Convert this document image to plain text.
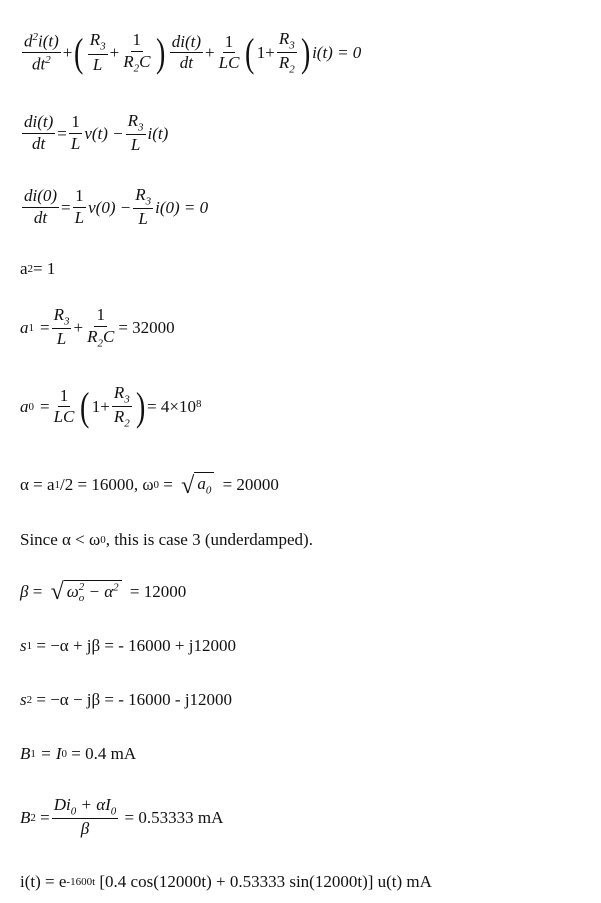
$\frac{d^2i(t)}{dt^2}$ + ( $\frac{R_3}{L} + \frac{1}{R_2C}$ ) $\frac{di(t)}{dt} + \frac{1}{LC}$ ( $1+ \frac{R_3}{R_2}$ ) i(t) = 0
$\frac{di(t)}{dt} = \frac{1}{L} v(t) - \frac{R_3}{L} i(t)$
$\frac{di(0)}{dt} = \frac{1}{L} v(0) - \frac{R_3}{L} i(0) = 0$
a 2 = 1
a $1 = \frac{R_3}{L} + \frac{1}{R_2C} = 32000$
a $0 = \frac{1}{LC}$ ( $1+ \frac{R_3}{R_2}$ ) = 4×10 8
α = a 1 /2 = 16000, ω 0 = √ $a_0 = 20000$
Since α < ω 0 , this is case 3 (underdamped).
β = √ ω 2
$o - \alpha^2 = 12000$
s 1 = −α + jβ = - 16000 + j12000
s 2 = −α − jβ = - 16000 - j12000
B 1 = I 0 = 0.4 mA
B $2 = \frac{Di_0 + \alpha I_0}{\beta} = 0.53333$ mA
i(t) = e -1600t [0.4 cos(12000t) + 0.53333 sin(12000t)] u(t) mA
